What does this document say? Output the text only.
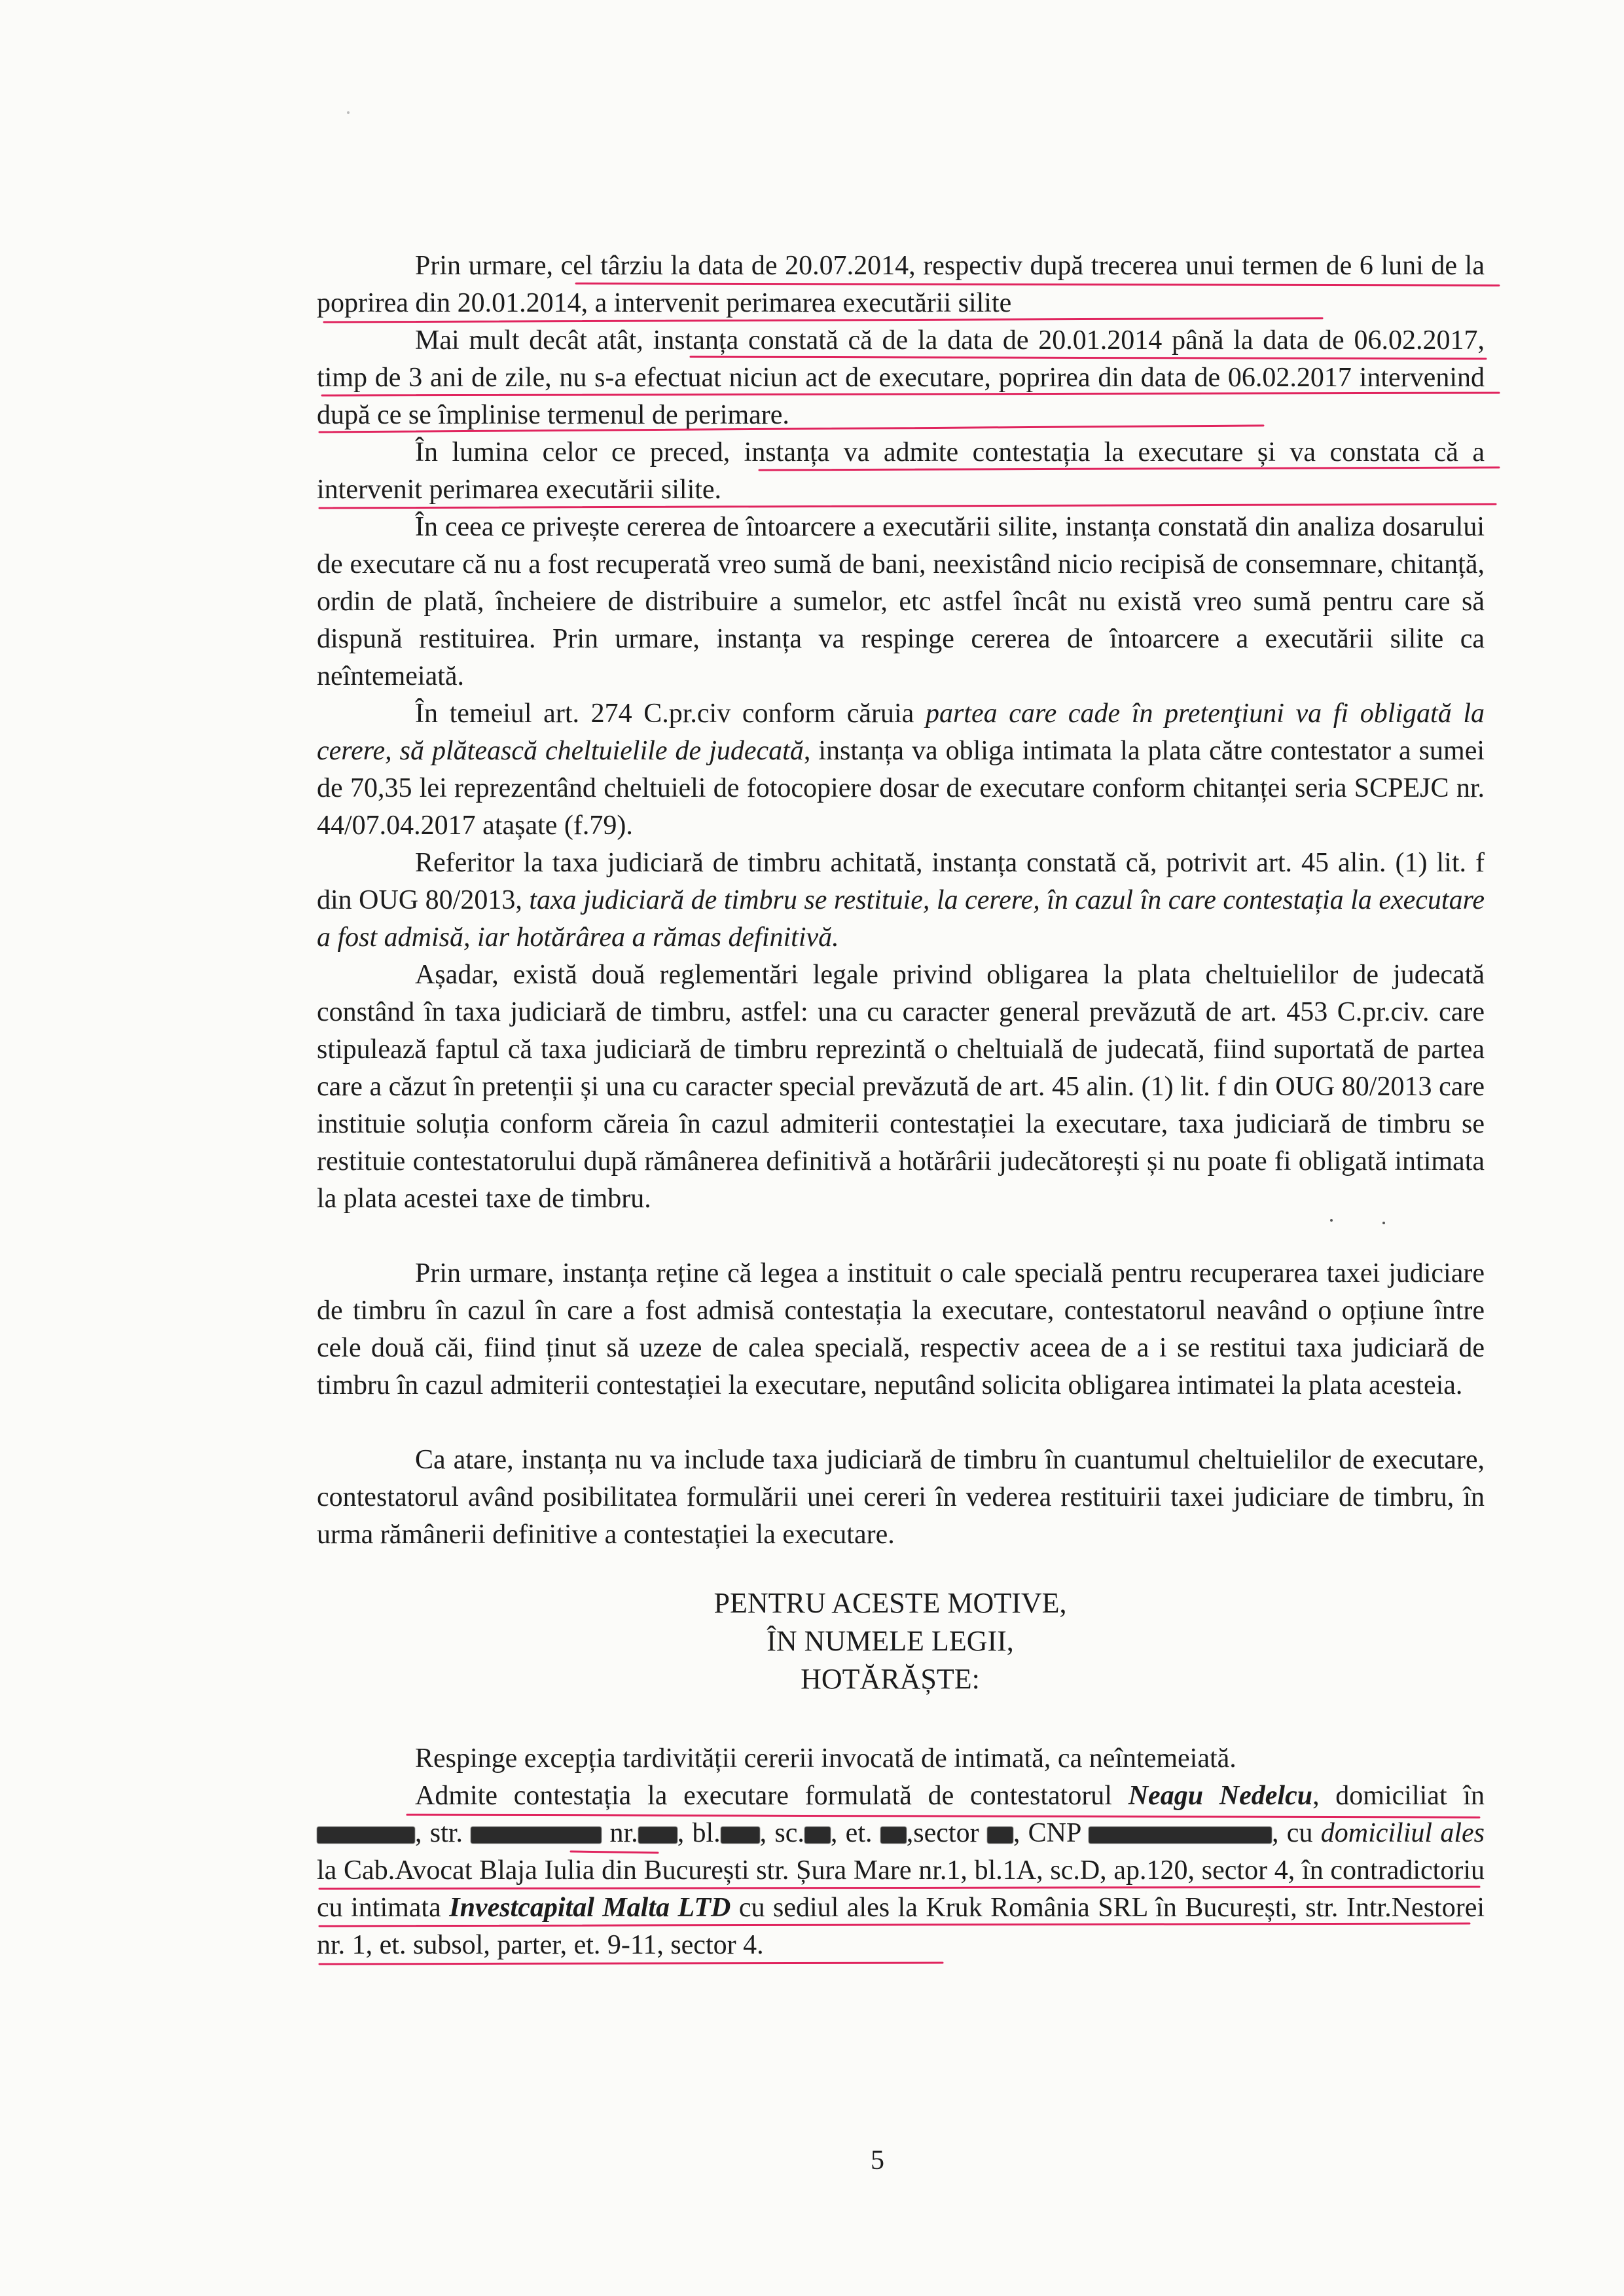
Prin urmare, cel târziu la data de 20.07.2014, respectiv după trecerea unui termen de 6 luni de la poprirea din 20.01.2014, a intervenit perimarea executării silite
Mai mult decât atât, instanța constată că de la data de 20.01.2014 până la data de 06.02.2017, timp de 3 ani de zile, nu s-a efectuat niciun act de executare, poprirea din data de 06.02.2017 intervenind după ce se împlinise termenul de perimare.
În lumina celor ce preced, instanța va admite contestația la executare și va constata că a intervenit perimarea executării silite.
În ceea ce privește cererea de întoarcere a executării silite, instanța constată din analiza dosarului de executare că nu a fost recuperată vreo sumă de bani, neexistând nicio recipisă de consemnare, chitanță, ordin de plată, încheiere de distribuire a sumelor, etc astfel încât nu există vreo sumă pentru care să dispună restituirea. Prin urmare, instanța va respinge cererea de întoarcere a executării silite ca neîntemeiată.
În temeiul art. 274 C.pr.civ conform căruia partea care cade în pretenţiuni va fi obligată la cerere, să plătească cheltuielile de judecată, instanța va obliga intimata la plata către contestator a sumei de 70,35 lei reprezentând cheltuieli de fotocopiere dosar de executare conform chitanței seria SCPEJC nr. 44/07.04.2017 atașate (f.79).
Referitor la taxa judiciară de timbru achitată, instanța constată că, potrivit art. 45 alin. (1) lit. f din OUG 80/2013, taxa judiciară de timbru se restituie, la cerere, în cazul în care contestația la executare a fost admisă, iar hotărârea a rămas definitivă.
Așadar, există două reglementări legale privind obligarea la plata cheltuielilor de judecată constând în taxa judiciară de timbru, astfel: una cu caracter general prevăzută de art. 453 C.pr.civ. care stipulează faptul că taxa judiciară de timbru reprezintă o cheltuială de judecată, fiind suportată de partea care a căzut în pretenții și una cu caracter special prevăzută de art. 45 alin. (1) lit. f din OUG 80/2013 care instituie soluția conform căreia în cazul admiterii contestației la executare, taxa judiciară de timbru se restituie contestatorului după rămânerea definitivă a hotărârii judecătorești și nu poate fi obligată intimata la plata acestei taxe de timbru.
Prin urmare, instanța reține că legea a instituit o cale specială pentru recuperarea taxei judiciare de timbru în cazul în care a fost admisă contestația la executare, contestatorul neavând o opțiune între cele două căi, fiind ținut să uzeze de calea specială, respectiv aceea de a i se restitui taxa judiciară de timbru în cazul admiterii contestației la executare, neputând solicita obligarea intimatei la plata acesteia.
Ca atare, instanța nu va include taxa judiciară de timbru în cuantumul cheltuielilor de executare, contestatorul având posibilitatea formulării unei cereri în vederea restituirii taxei judiciare de timbru, în urma rămânerii definitive a contestației la executare.
PENTRU ACESTE MOTIVE,
ÎN NUMELE LEGII,
HOTĂRĂȘTE:
Respinge excepția tardivității cererii invocată de intimată, ca neîntemeiată.
Admite contestația la executare formulată de contestatorul Neagu Nedelcu, domiciliat în , str.	nr. , bl. , sc. , et. ,sector , CNP	, cu domiciliul ales la Cab.Avocat Blaja Iulia din București str. Șura Mare nr.1, bl.1A, sc.D, ap.120, sector 4, în contradictoriu cu intimata Investcapital Malta LTD cu sediul ales la Kruk România SRL în București, str. Intr.Nestorei nr. 1, et. subsol, parter, et. 9-11, sector 4.
5
